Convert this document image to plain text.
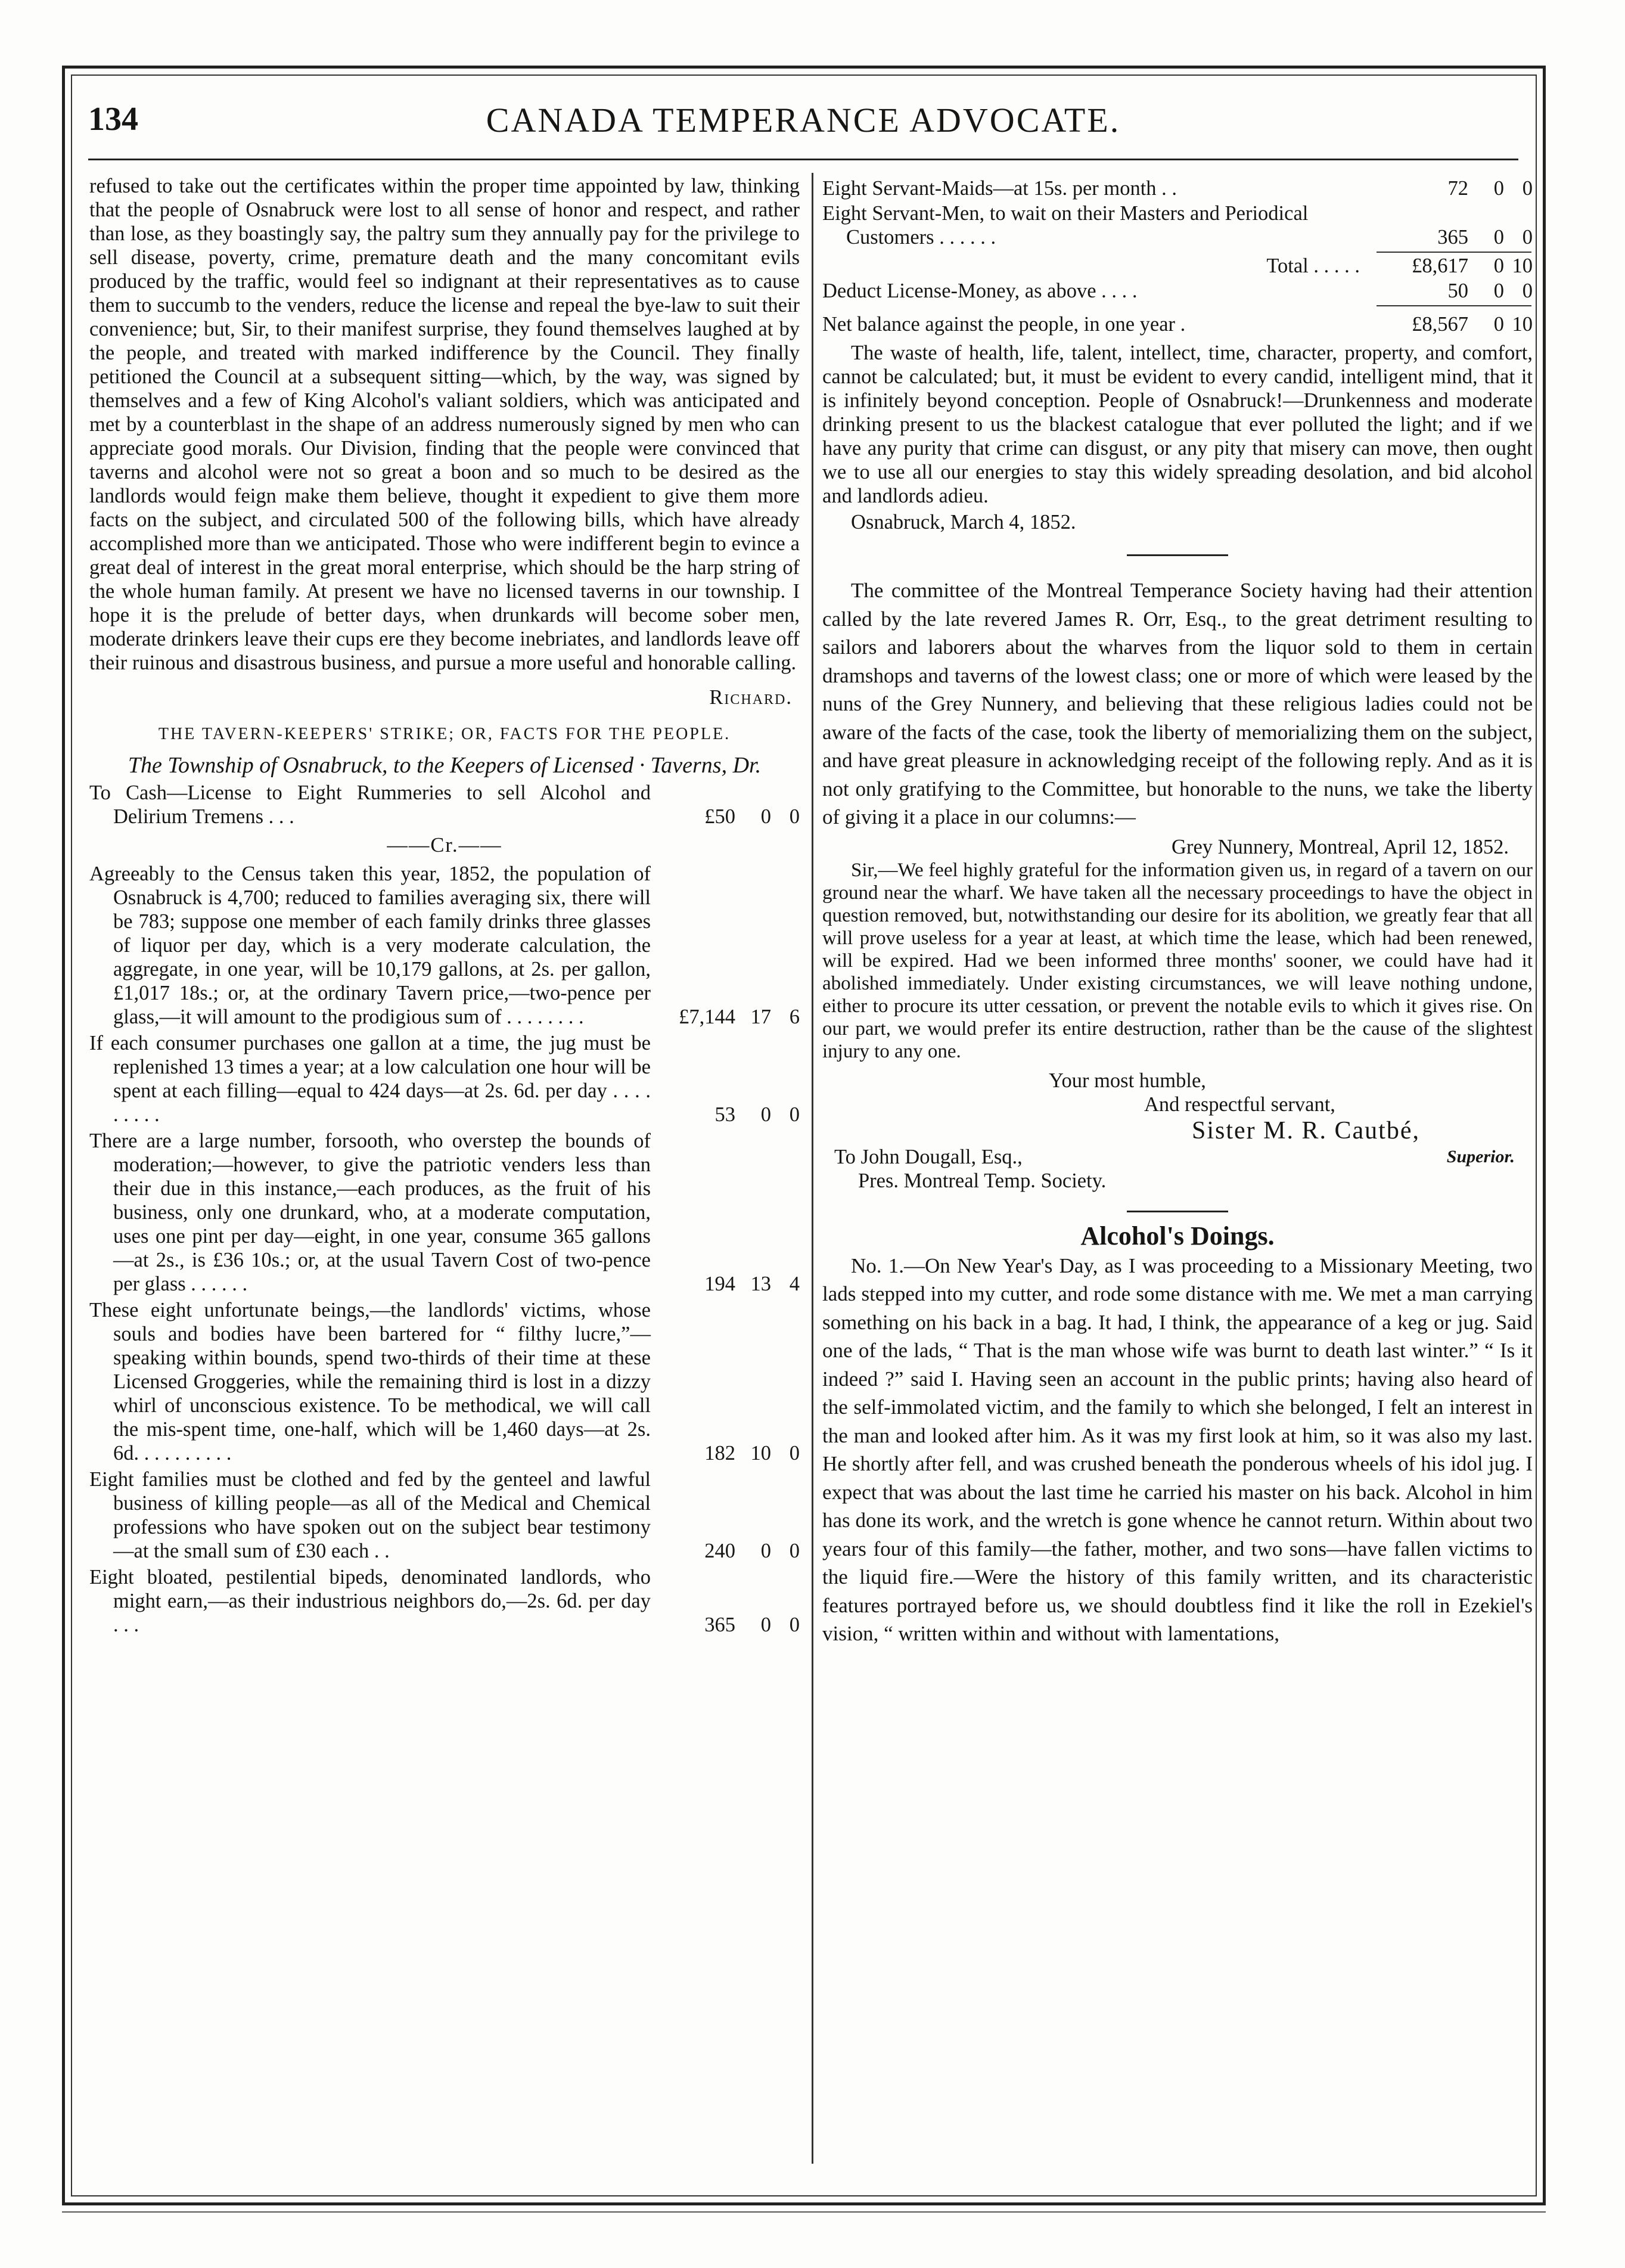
134	CANADA TEMPERANCE ADVOCATE.

refused to take out the certificates within the proper time appointed by law, thinking that the people of Osnabruck were lost to all sense of honor and respect, and rather than lose, as they boastingly say, the paltry sum they annually pay for the privilege to sell disease, poverty, crime, premature death and the many concomitant evils produced by the traffic, would feel so indignant at their representatives as to cause them to succumb to the venders, reduce the license and repeal the bye-law to suit their convenience; but, Sir, to their manifest surprise, they found themselves laughed at by the people, and treated with marked indifference by the Council. They finally petitioned the Council at a subsequent sitting—which, by the way, was signed by themselves and a few of King Alcohol's valiant soldiers, which was anticipated and met by a counterblast in the shape of an address numerously signed by men who can appreciate good morals. Our Division, finding that the people were convinced that taverns and alcohol were not so great a boon and so much to be desired as the landlords would feign make them believe, thought it expedient to give them more facts on the subject, and circulated 500 of the following bills, which have already accomplished more than we anticipated. Those who were indifferent begin to evince a great deal of interest in the great moral enterprise, which should be the harp string of the whole human family. At present we have no licensed taverns in our township. I hope it is the prelude of better days, when drunkards will become sober men, moderate drinkers leave their cups ere they become inebriates, and landlords leave off their ruinous and disastrous business, and pursue a more useful and honorable calling.

Richard.
THE TAVERN-KEEPERS' STRIKE; OR, FACTS FOR THE PEOPLE.
The Township of Osnabruck, to the Keepers of Licensed · Taverns, Dr.
To Cash—License to Eight Rummeries to sell Alcohol and Delirium Tremens . . .	£50	0 0
——Cr.——
Agreeably to the Census taken this year, 1852, the population of Osnabruck is 4,700; reduced to families averaging six, there will be 783; suppose one member of each family drinks three glasses of liquor per day, which is a very moderate calculation, the aggregate, in one year, will be 10,179 gallons, at 2s. per gallon, £1,017 18s.; or, at the ordinary Tavern price,—two-pence per glass,—it will amount to the prodigious sum of . . . . . . . .	£7,144 17 6
If each consumer purchases one gallon at a time, the jug must be replenished 13 times a year; at a low calculation one hour will be spent at each filling—equal to 424 days—at 2s. 6d. per day . . . . . . . . .	53	0 0
There are a large number, forsooth, who overstep the bounds of moderation;—however, to give the patriotic venders less than their due in this instance,—each produces, as the fruit of his business, only one drunkard, who, at a moderate computation, uses one pint per day—eight, in one year, consume 365 gallons—at 2s., is £36 10s.; or, at the usual Tavern Cost of two-pence per glass . . . . . .	194 13 4
These eight unfortunate beings,—the landlords' victims, whose souls and bodies have been bartered for “ filthy lucre,”—speaking within bounds, spend two-thirds of their time at these Licensed Groggeries, while the remaining third is lost in a dizzy whirl of unconscious existence. To be methodical, we will call the mis-spent time, one-half, which will be 1,460 days—at 2s. 6d. . . . . . . . . .	182 10 0
Eight families must be clothed and fed by the genteel and lawful business of killing people—as all of the Medical and Chemical professions who have spoken out on the subject bear testimony—at the small sum of £30 each . .	240	0 0
Eight bloated, pestilential bipeds, denominated landlords, who might earn,—as their industrious neighbors do,—2s. 6d. per day . . .	365	0 0
Eight Servant-Maids—at 15s. per month . .	72	0 0
Eight Servant-Men, to wait on their Masters and Periodical Customers . . . . . .	365	0 0
Total . . . . .	£8,617	0 10
Deduct License-Money, as above . . . .	50	0 0
Net balance against the people, in one year .	£8,567	0 10

The waste of health, life, talent, intellect, time, character, property, and comfort, cannot be calculated; but, it must be evident to every candid, intelligent mind, that it is infinitely beyond conception. People of Osnabruck!—Drunkenness and moderate drinking present to us the blackest catalogue that ever polluted the light; and if we have any purity that crime can disgust, or any pity that misery can move, then ought we to use all our energies to stay this widely spreading desolation, and bid alcohol and landlords adieu.

Osnabruck, March 4, 1852.

The committee of the Montreal Temperance Society having had their attention called by the late revered James R. Orr, Esq., to the great detriment resulting to sailors and laborers about the wharves from the liquor sold to them in certain dramshops and taverns of the lowest class; one or more of which were leased by the nuns of the Grey Nunnery, and believing that these religious ladies could not be aware of the facts of the case, took the liberty of memorializing them on the subject, and have great pleasure in acknowledging receipt of the following reply. And as it is not only gratifying to the Committee, but honorable to the nuns, we take the liberty of giving it a place in our columns:—

Grey Nunnery, Montreal, April 12, 1852.

Sir,—We feel highly grateful for the information given us, in regard of a tavern on our ground near the wharf. We have taken all the necessary proceedings to have the object in question removed, but, notwithstanding our desire for its abolition, we greatly fear that all will prove useless for a year at least, at which time the lease, which had been renewed, will be expired. Had we been informed three months' sooner, we could have had it abolished immediately. Under existing circumstances, we will leave nothing undone, either to procure its utter cessation, or prevent the notable evils to which it gives rise. On our part, we would prefer its entire destruction, rather than be the cause of the slightest injury to any one.

Your most humble,
And respectful servant,
Sister M. R. Cautbé,
To John Dougall, Esq.,	Superior.
Pres. Montreal Temp. Society.
Alcohol's Doings.

No. 1.—On New Year's Day, as I was proceeding to a Missionary Meeting, two lads stepped into my cutter, and rode some distance with me. We met a man carrying something on his back in a bag. It had, I think, the appearance of a keg or jug. Said one of the lads, “ That is the man whose wife was burnt to death last winter.” “ Is it indeed ?” said I. Having seen an account in the public prints; having also heard of the self-immolated victim, and the family to which she belonged, I felt an interest in the man and looked after him. As it was my first look at him, so it was also my last. He shortly after fell, and was crushed beneath the ponderous wheels of his idol jug. I expect that was about the last time he carried his master on his back. Alcohol in him has done its work, and the wretch is gone whence he cannot return. Within about two years four of this family—the father, mother, and two sons—have fallen victims to the liquid fire.—Were the history of this family written, and its characteristic features portrayed before us, we should doubtless find it like the roll in Ezekiel's vision, “ written within and without with lamentations,
